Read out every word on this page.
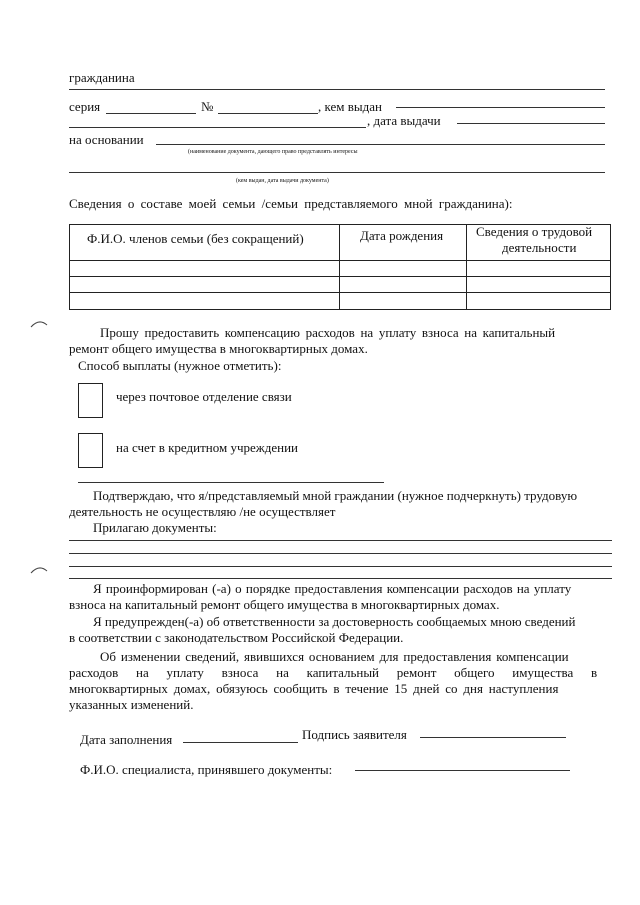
гражданина
серия	№	, кем выдан
, дата выдачи
на основании
(наименование документа, дающего право представлять интересы
(кем выдан, дата выдачи документа)
Сведения о составе моей семьи /семьи представляемого мной гражданина):
Ф.И.О. членов семьи (без сокращений)	Дата рождения	Сведения о трудовой
деятельности
Прошу предоставить компенсацию расходов на уплату взноса на капитальный
ремонт общего имущества в многоквартирных домах.
Способ выплаты (нужное отметить):
через почтовое отделение связи
на счет в кредитном учреждении
Подтверждаю, что я/представляемый мной граждании (нужное подчеркнуть) трудовую
деятельность не осуществляю /не осуществляет
Прилагаю документы:
Я проинформирован (-а) о порядке предоставления компенсации расходов на уплату
взноса на капитальный ремонт общего имущества в многоквартирных домах.
Я предупрежден(-а) об ответственности за достоверность сообщаемых мною сведений
в соответствии с законодательством Российской Федерации.
Об изменении сведений, явившихся основанием для предоставления компенсации
расходов на уплату взноса на капитальный ремонт общего имущества в
многоквартирных домах, обязуюсь сообщить в течение 15 дней со дня наступления
указанных изменений.
Дата заполнения	Подпись заявителя
Ф.И.О. специалиста, принявшего документы:
